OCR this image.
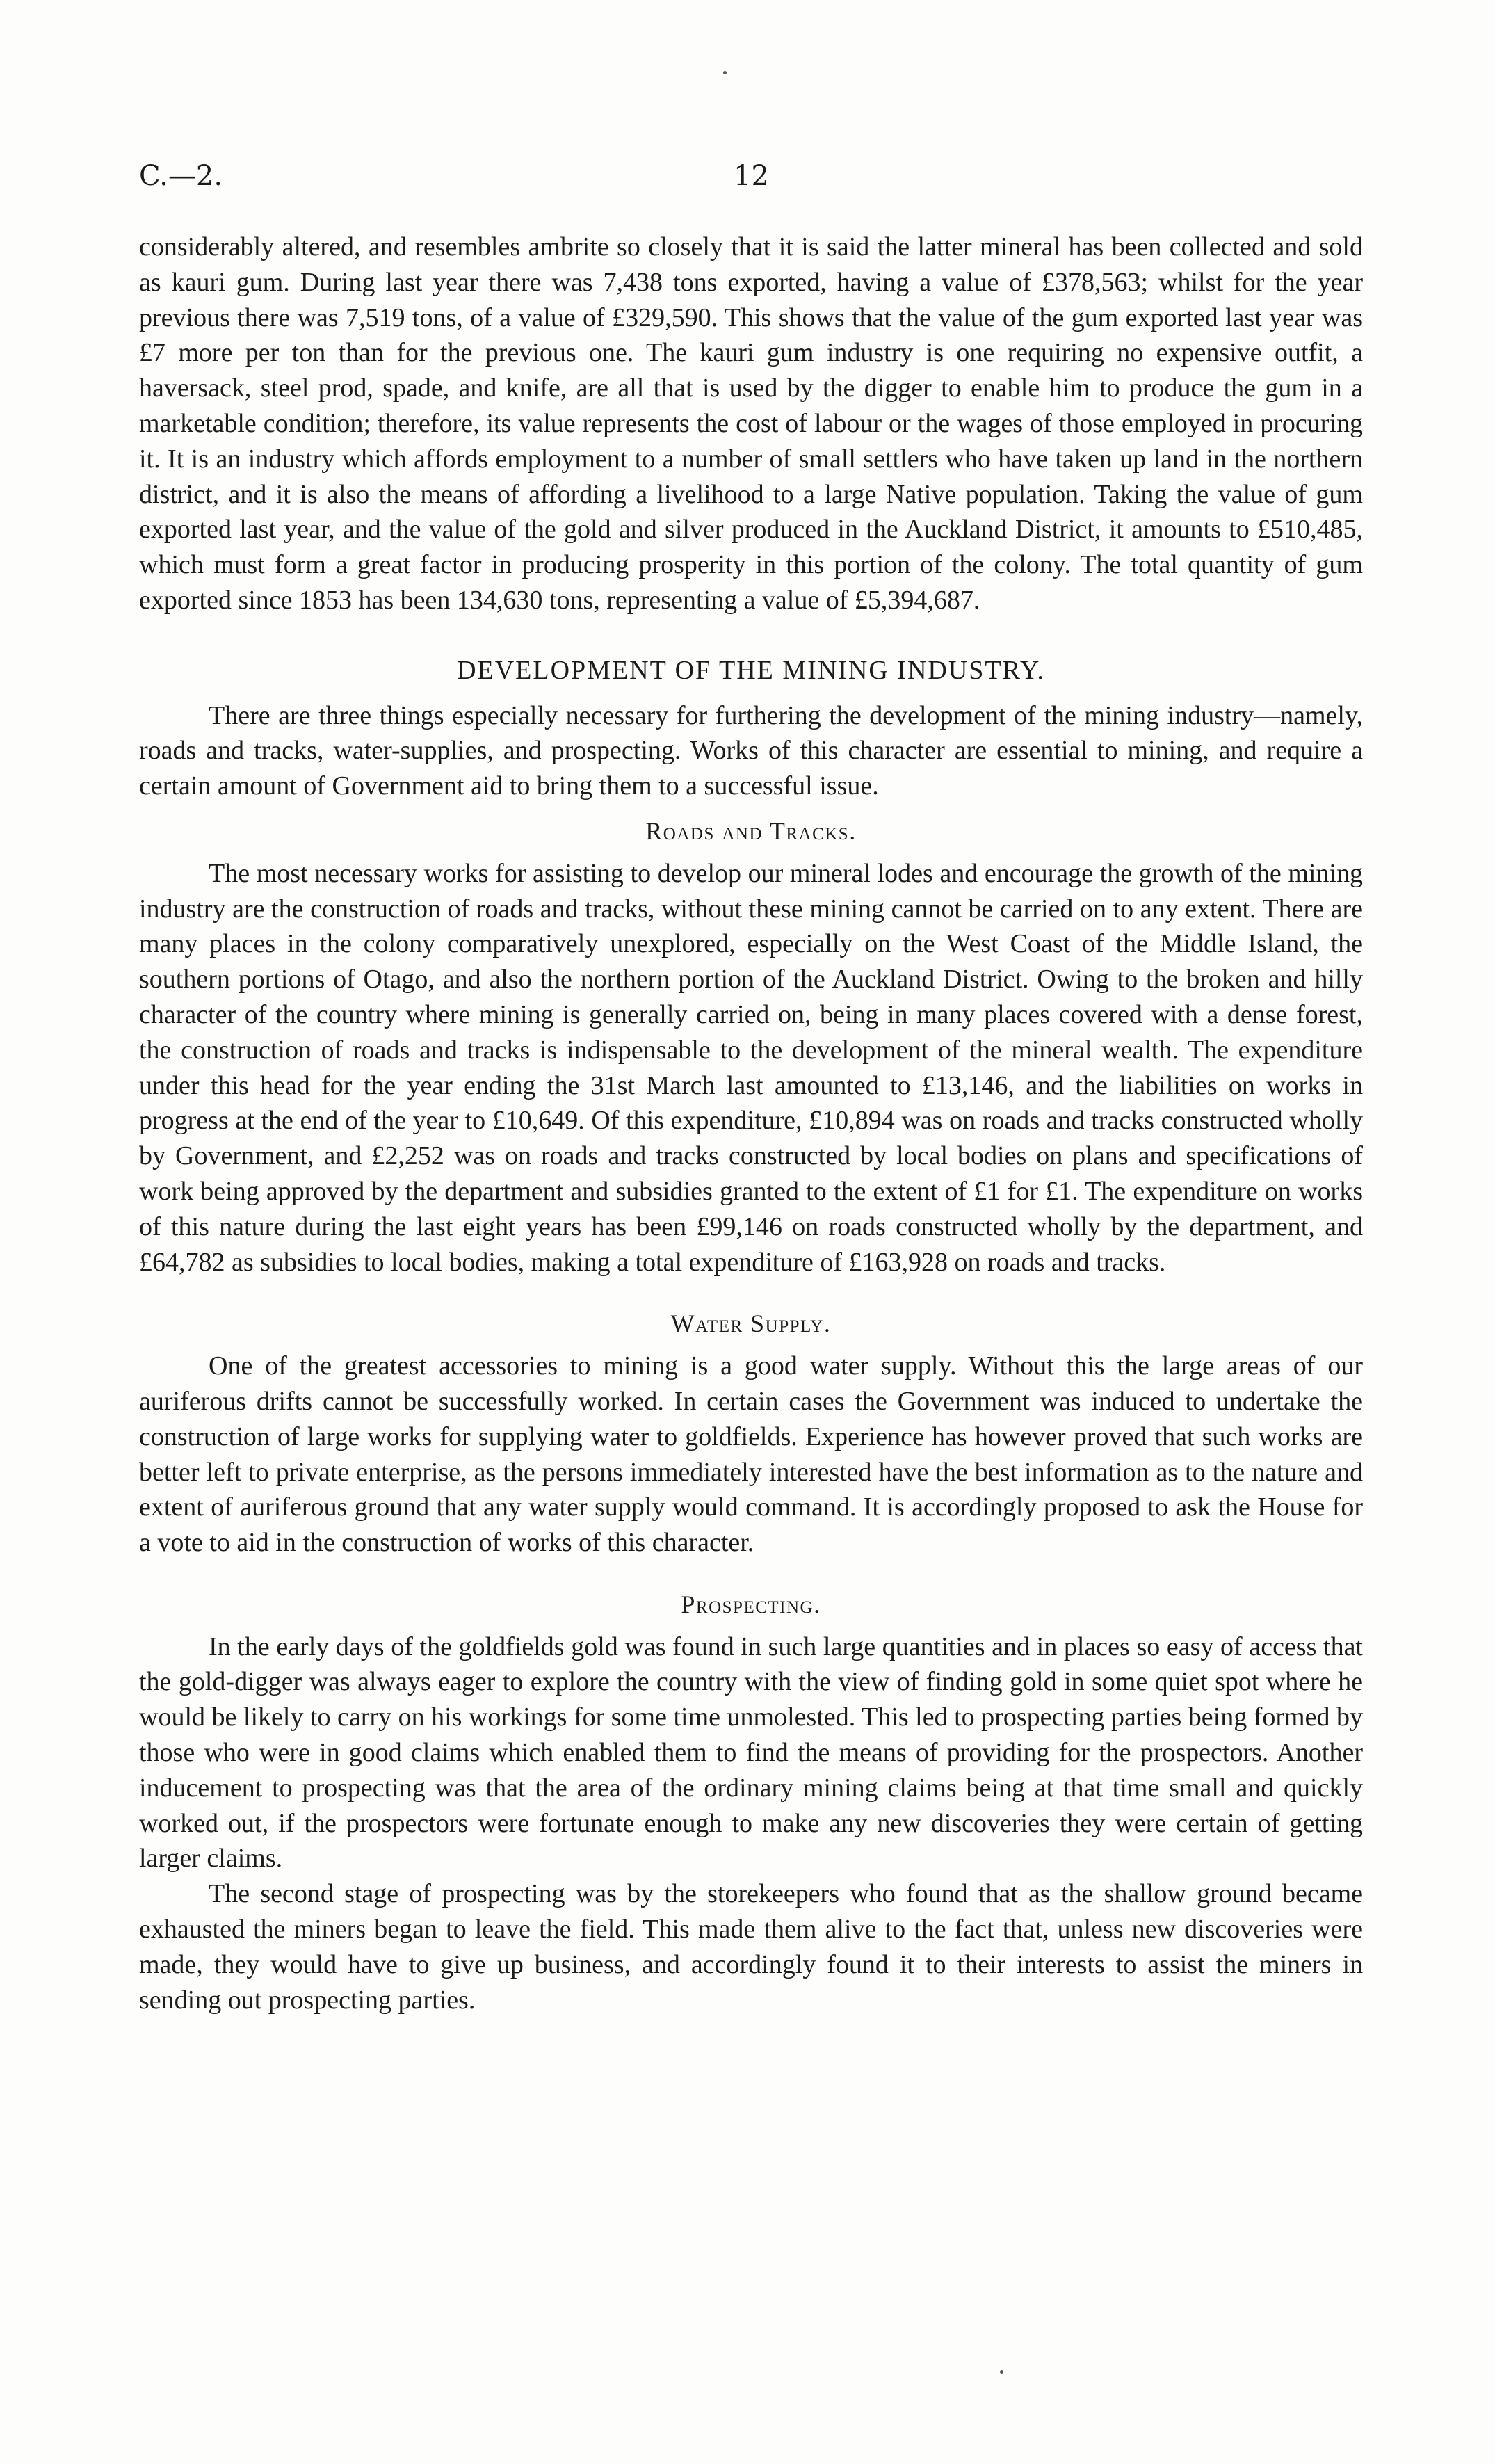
C.—2.	12

considerably altered, and resembles ambrite so closely that it is said the latter mineral has been collected and sold as kauri gum. During last year there was 7,438 tons exported, having a value of £378,563; whilst for the year previous there was 7,519 tons, of a value of £329,590. This shows that the value of the gum exported last year was £7 more per ton than for the previous one. The kauri gum industry is one requiring no expensive outfit, a haversack, steel prod, spade, and knife, are all that is used by the digger to enable him to produce the gum in a marketable condition; therefore, its value represents the cost of labour or the wages of those employed in procuring it. It is an industry which affords employment to a number of small settlers who have taken up land in the northern district, and it is also the means of affording a livelihood to a large Native population. Taking the value of gum exported last year, and the value of the gold and silver produced in the Auckland District, it amounts to £510,485, which must form a great factor in producing prosperity in this portion of the colony. The total quantity of gum exported since 1853 has been 134,630 tons, representing a value of £5,394,687.

DEVELOPMENT OF THE MINING INDUSTRY.

There are three things especially necessary for furthering the development of the mining industry—namely, roads and tracks, water-supplies, and prospecting. Works of this character are essential to mining, and require a certain amount of Government aid to bring them to a successful issue.

Roads and Tracks.

The most necessary works for assisting to develop our mineral lodes and encourage the growth of the mining industry are the construction of roads and tracks, without these mining cannot be carried on to any extent. There are many places in the colony comparatively unexplored, especially on the West Coast of the Middle Island, the southern portions of Otago, and also the northern portion of the Auckland District. Owing to the broken and hilly character of the country where mining is generally carried on, being in many places covered with a dense forest, the construction of roads and tracks is indispensable to the development of the mineral wealth. The expenditure under this head for the year ending the 31st March last amounted to £13,146, and the liabilities on works in progress at the end of the year to £10,649. Of this expenditure, £10,894 was on roads and tracks constructed wholly by Government, and £2,252 was on roads and tracks constructed by local bodies on plans and specifications of work being approved by the department and subsidies granted to the extent of £1 for £1. The expenditure on works of this nature during the last eight years has been £99,146 on roads constructed wholly by the department, and £64,782 as subsidies to local bodies, making a total expenditure of £163,928 on roads and tracks.

Water Supply.

One of the greatest accessories to mining is a good water supply. Without this the large areas of our auriferous drifts cannot be successfully worked. In certain cases the Government was induced to undertake the construction of large works for supplying water to goldfields. Experience has however proved that such works are better left to private enterprise, as the persons immediately interested have the best information as to the nature and extent of auriferous ground that any water supply would command. It is accordingly proposed to ask the House for a vote to aid in the construction of works of this character.

Prospecting.

In the early days of the goldfields gold was found in such large quantities and in places so easy of access that the gold-digger was always eager to explore the country with the view of finding gold in some quiet spot where he would be likely to carry on his workings for some time unmolested. This led to prospecting parties being formed by those who were in good claims which enabled them to find the means of providing for the prospectors. Another inducement to prospecting was that the area of the ordinary mining claims being at that time small and quickly worked out, if the prospectors were fortunate enough to make any new discoveries they were certain of getting larger claims.

The second stage of prospecting was by the storekeepers who found that as the shallow ground became exhausted the miners began to leave the field. This made them alive to the fact that, unless new discoveries were made, they would have to give up business, and accordingly found it to their interests to assist the miners in sending out prospecting parties.
